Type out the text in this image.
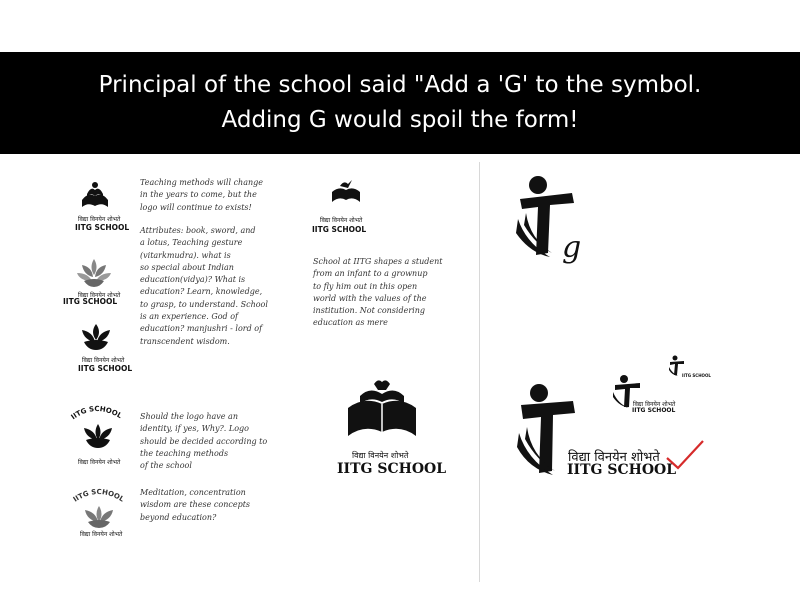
Principal of the school said "Add a 'G' to the symbol.
Adding G would spoil the form!
विद्या विनयेन शोभते
IITG SCHOOL
विद्या विनयेन शोभते
IITG SCHOOL
विद्या विनयेन शोभते
IITG SCHOOL
IITG SCHOOL
विद्या विनयेन शोभते
IITG SCHOOL
विद्या विनयेन शोभते
Teaching methods will change
in the years to come, but the
logo will continue to exists!
Attributes: book, sword, and
a lotus, Teaching gesture
(vitarkmudra). what is
so special about Indian
education(vidya)? What is
education? Learn, knowledge,
to grasp, to understand. School
is an experience. God of
education? manjushri - lord of
transcendent wisdom.
School at IITG shapes a student
from an infant to a grownup
to fly him out in this open
world with the values of the
institution. Not considering
education as mere
Should the logo have an
identity, if yes, Why?. Logo
should be decided according to
the teaching methods
of the school
Meditation, concentration
wisdom are these concepts
beyond education?
विद्या विनयेन शोभते
IITG SCHOOL
विद्या विनयेन शोभते
IITG SCHOOL
g
IITG SCHOOL
विद्या विनयेन शोभते
IITG SCHOOL
विद्या विनयेन शोभते
IITG SCHOOL
